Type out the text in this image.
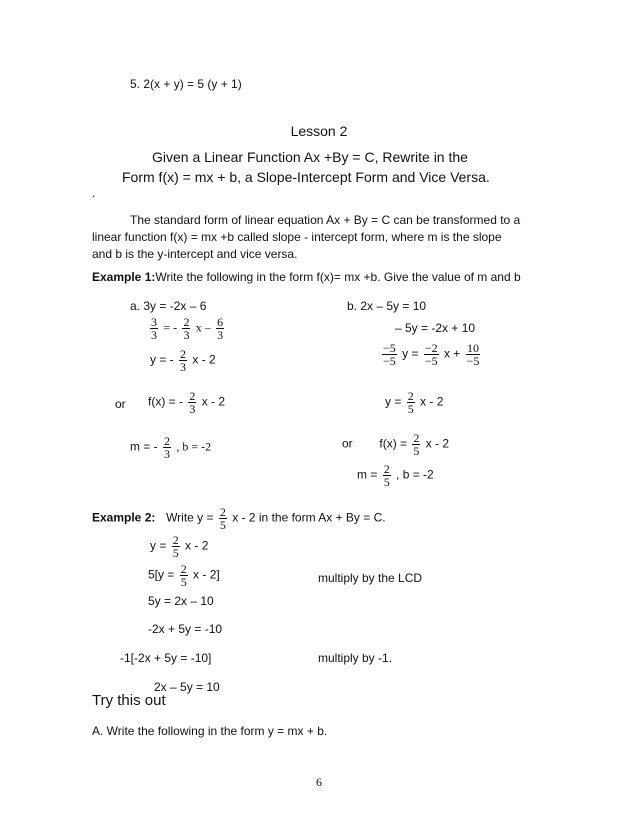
5. 2(x + y) = 5 (y + 1)
Lesson 2
Given a Linear Function Ax +By = C, Rewrite in the
Form f(x) = mx + b, a Slope-Intercept Form and Vice Versa.
.
The standard form of linear equation Ax + By = C can be transformed to a
linear function f(x) = mx +b called slope - intercept form, where m is the slope
and b is the y-intercept and vice versa.
Example 1:Write the following in the form f(x)= mx +b. Give the value of m and b
a. 3y = -2x – 6
$\frac{3}{3}$ = - $\frac{2}{3}$ x – $\frac{6}{3}$
y = - $\frac{2}{3}$ x - 2
or f(x) = - $\frac{2}{3}$ x - 2
m = - $\frac{2}{3}$ , b = -2
b. 2x – 5y = 10
– 5y = -2x + 10
$\frac{-5}{-5}$ $y = \frac{-2}{-5}$ $x + \frac{10}{-5}$
$y = \frac{2}{5}$ x - 2
or $f(x) = \frac{2}{5}$ x - 2
$m = \frac{2}{5}$ , b = -2
Example 2: Write $y = \frac{2}{5}$ x - 2 in the form Ax + By = C.
$y = \frac{2}{5}$ x - 2
$5[y = \frac{2}{5}$ x - 2]	multiply by the LCD
5y = 2x – 10
-2x + 5y = -10
-1[-2x + 5y = -10]	multiply by -1.
2x – 5y = 10
Try this out
A. Write the following in the form y = mx + b.
6
